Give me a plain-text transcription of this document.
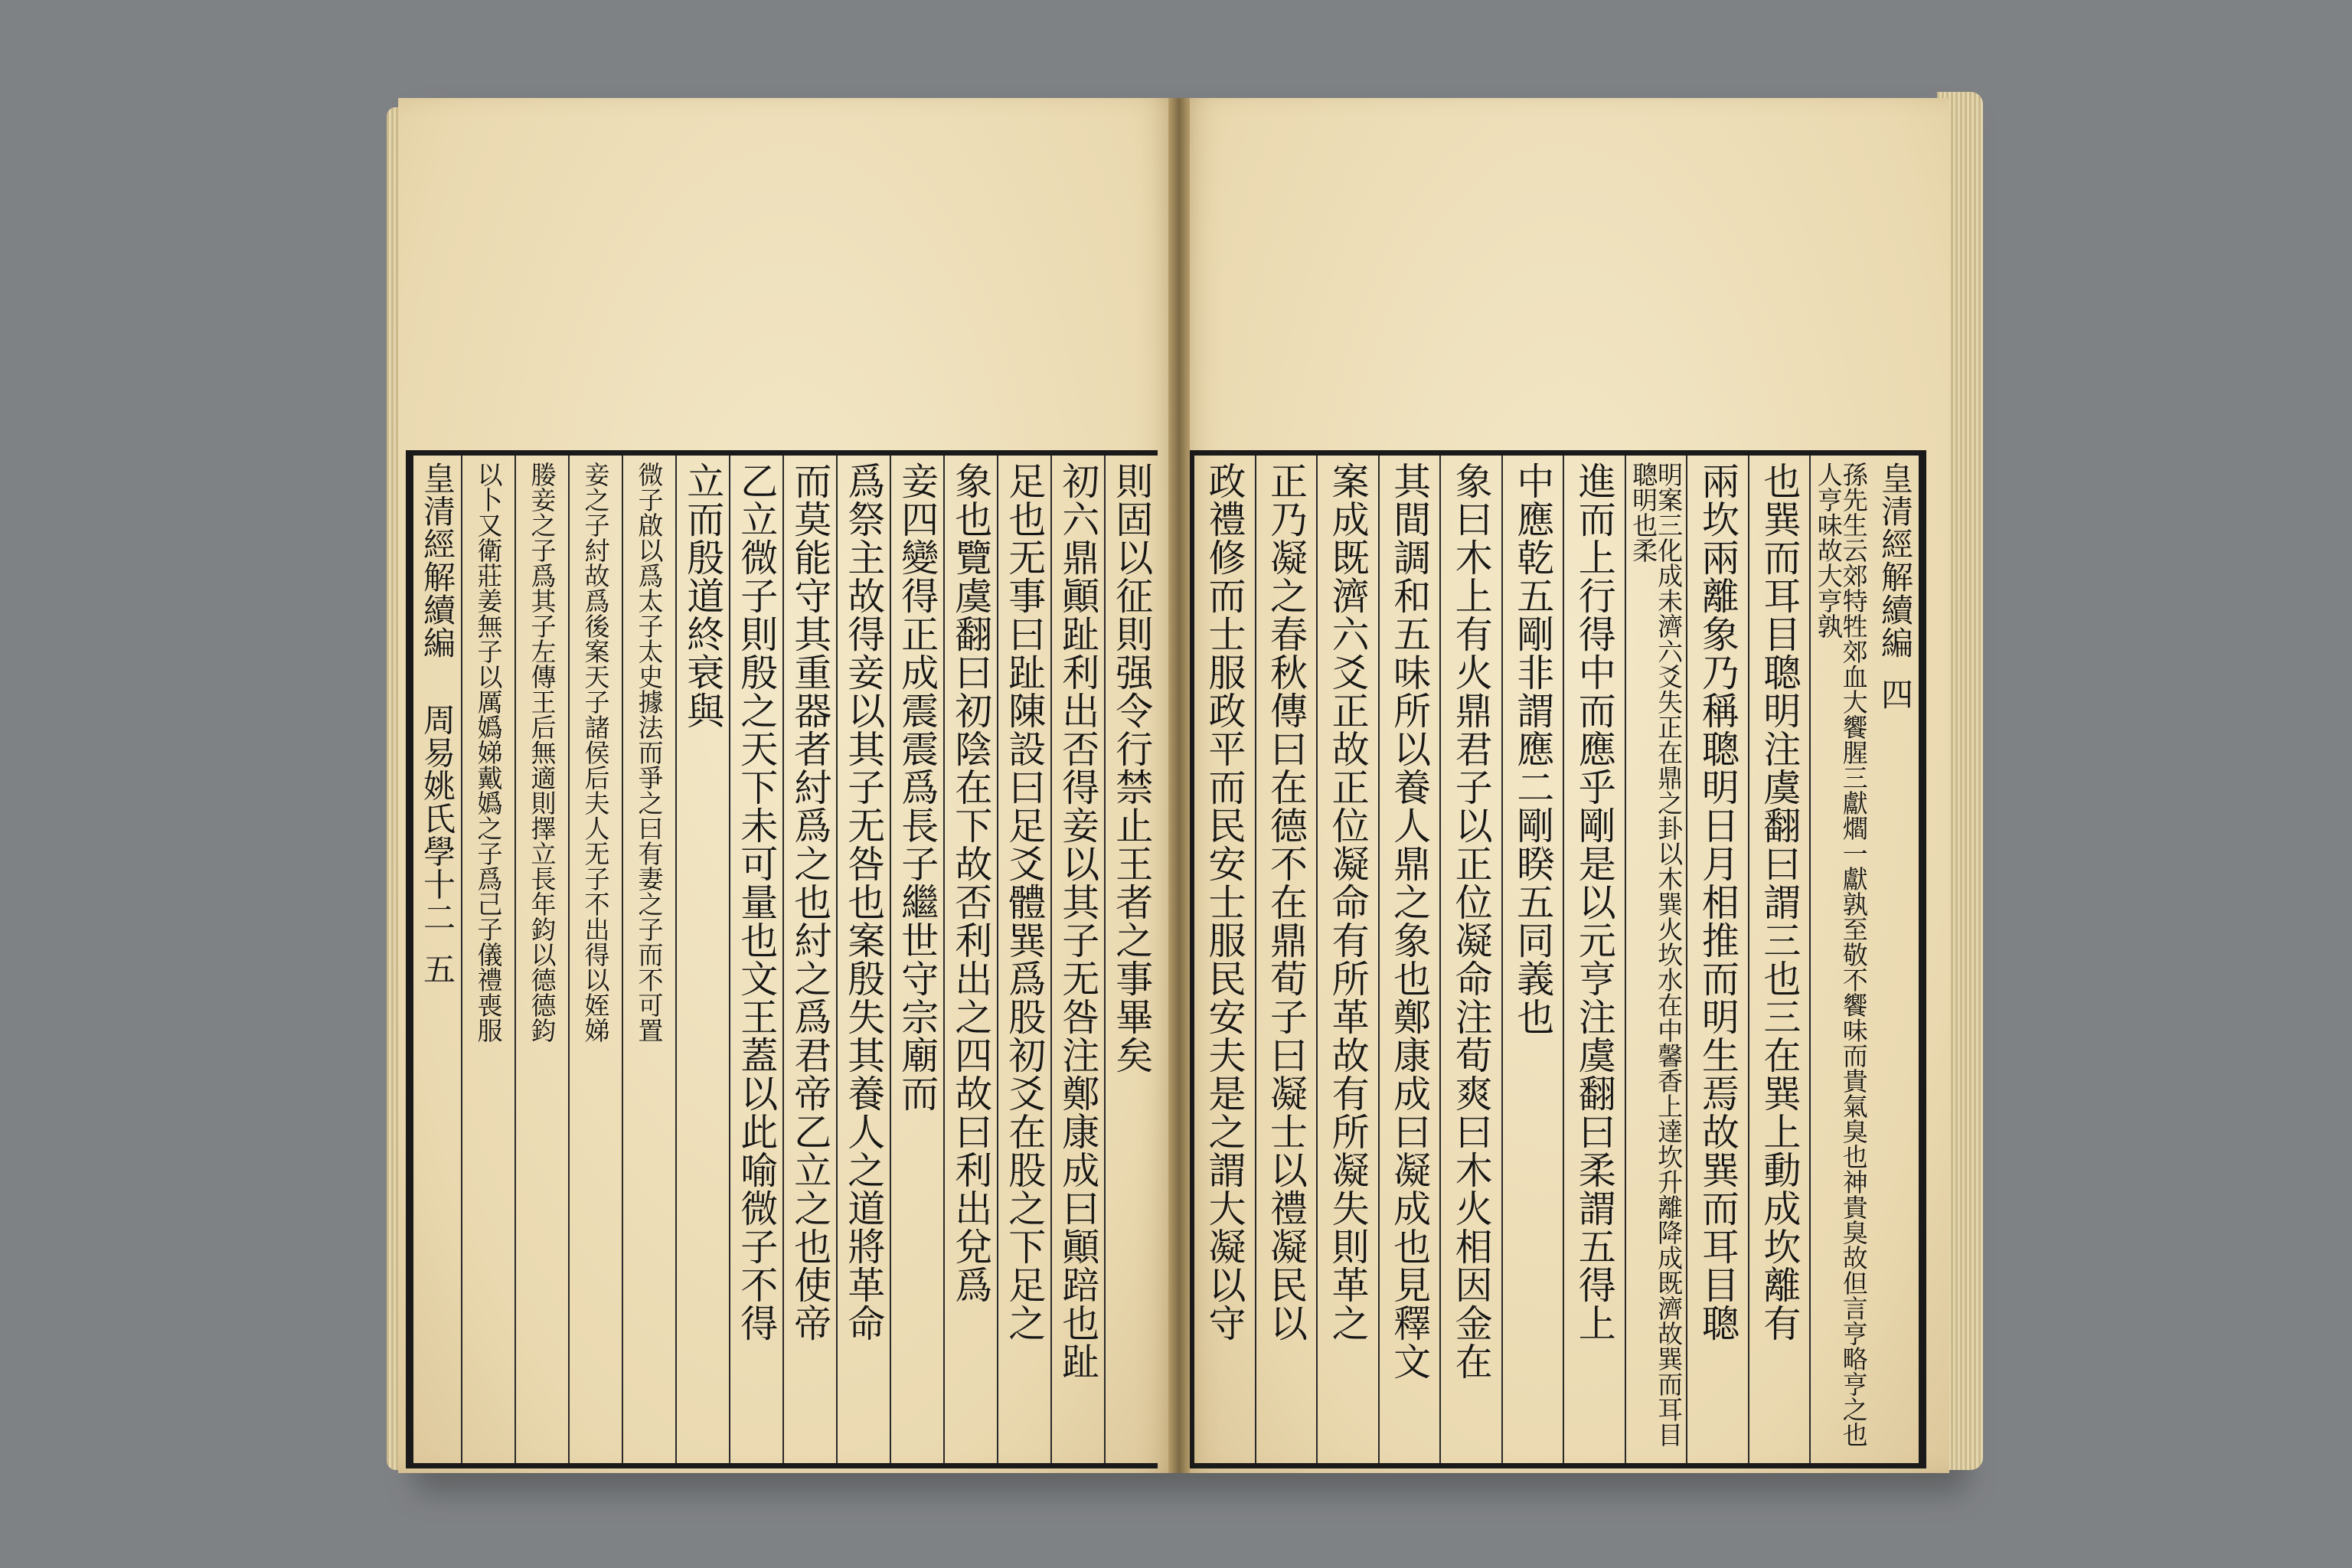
則固以征則强令行禁止王者之事畢矣
初六鼎顚趾利出否得妾以其子无咎注鄭康成曰顚踣也趾
足也无事曰趾陳設曰足爻體巽爲股初爻在股之下足之
象也覽虞翻曰初陰在下故否利出之四故曰利出兌爲
妾四變得正成震震爲長子繼世守宗廟而
爲祭主故得妾以其子无咎也案殷失其養人之道將革命
而莫能守其重器者紂爲之也紂之爲君帝乙立之也使帝
乙立微子則殷之天下未可量也文王蓋以此喻微子不得
立而殷道終衰與
微子啟以爲太子太史據法而爭之曰有妻之子而不可置
妾之子紂故爲後案天子諸侯后夫人无子不出得以姪娣
媵妾之子爲其子左傳王后無適則擇立長年鈞以德德鈞
以卜又衛莊姜無子以厲嬀娣戴嬀之子爲己子儀禮喪服
皇清經解續編　 周易姚氏學十二 五
皇清經解續編 四
孫先生云郊特牲郊血大饗腥三獻爓一獻孰至敬不饗味而貴氣臭也神貴臭故但言亨略亨之也人亨味故大亨孰
也巽而耳目聰明注虞翻曰謂三也三在巽上動成坎離有
兩坎兩離象乃稱聰明日月相推而明生焉故巽而耳目聰
明案三化成未濟六爻失正在鼎之卦以木巽火坎水在中馨香上達坎升離降成既濟故巽而耳目聰明也柔
進而上行得中而應乎剛是以元亨注虞翻曰柔謂五得上
中應乾五剛非謂應二剛睽五同義也
象曰木上有火鼎君子以正位凝命注荀爽曰木火相因金在
其間調和五味所以養人鼎之象也鄭康成曰凝成也見釋文
案成既濟六爻正故正位凝命有所革故有所凝失則革之
正乃凝之春秋傳曰在德不在鼎荀子曰凝士以禮凝民以
政禮修而士服政平而民安士服民安夫是之謂大凝以守
